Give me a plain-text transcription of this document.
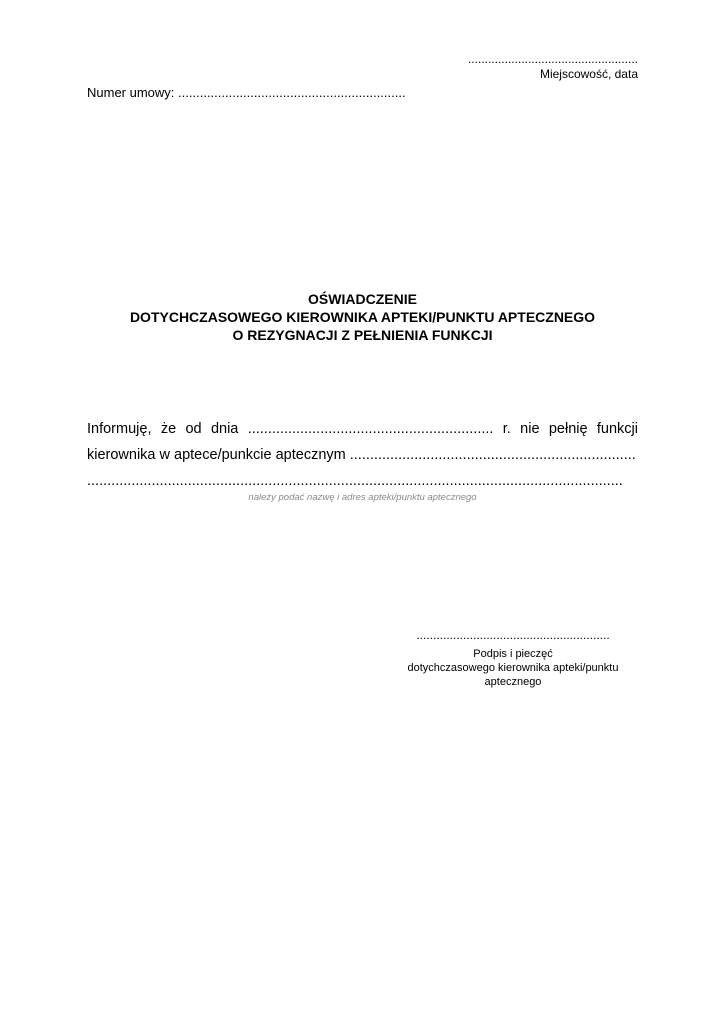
...................................................
Miejscowość, data
Numer umowy: ...............................................................
OŚWIADCZENIE
DOTYCHCZASOWEGO KIEROWNIKA APTEKI/PUNKTU APTECZNEGO
O REZYGNACJI Z PEŁNIENIA FUNKCJI
Informuję, że od dnia ............................................................. r. nie pełnię funkcji
kierownika w aptece/punkcie aptecznym .......................................................................
.....................................................................................................................................
należy podać nazwę i adres apteki/punktu aptecznego
..........................................................
Podpis i pieczęć
dotychczasowego kierownika apteki/punktu
aptecznego
